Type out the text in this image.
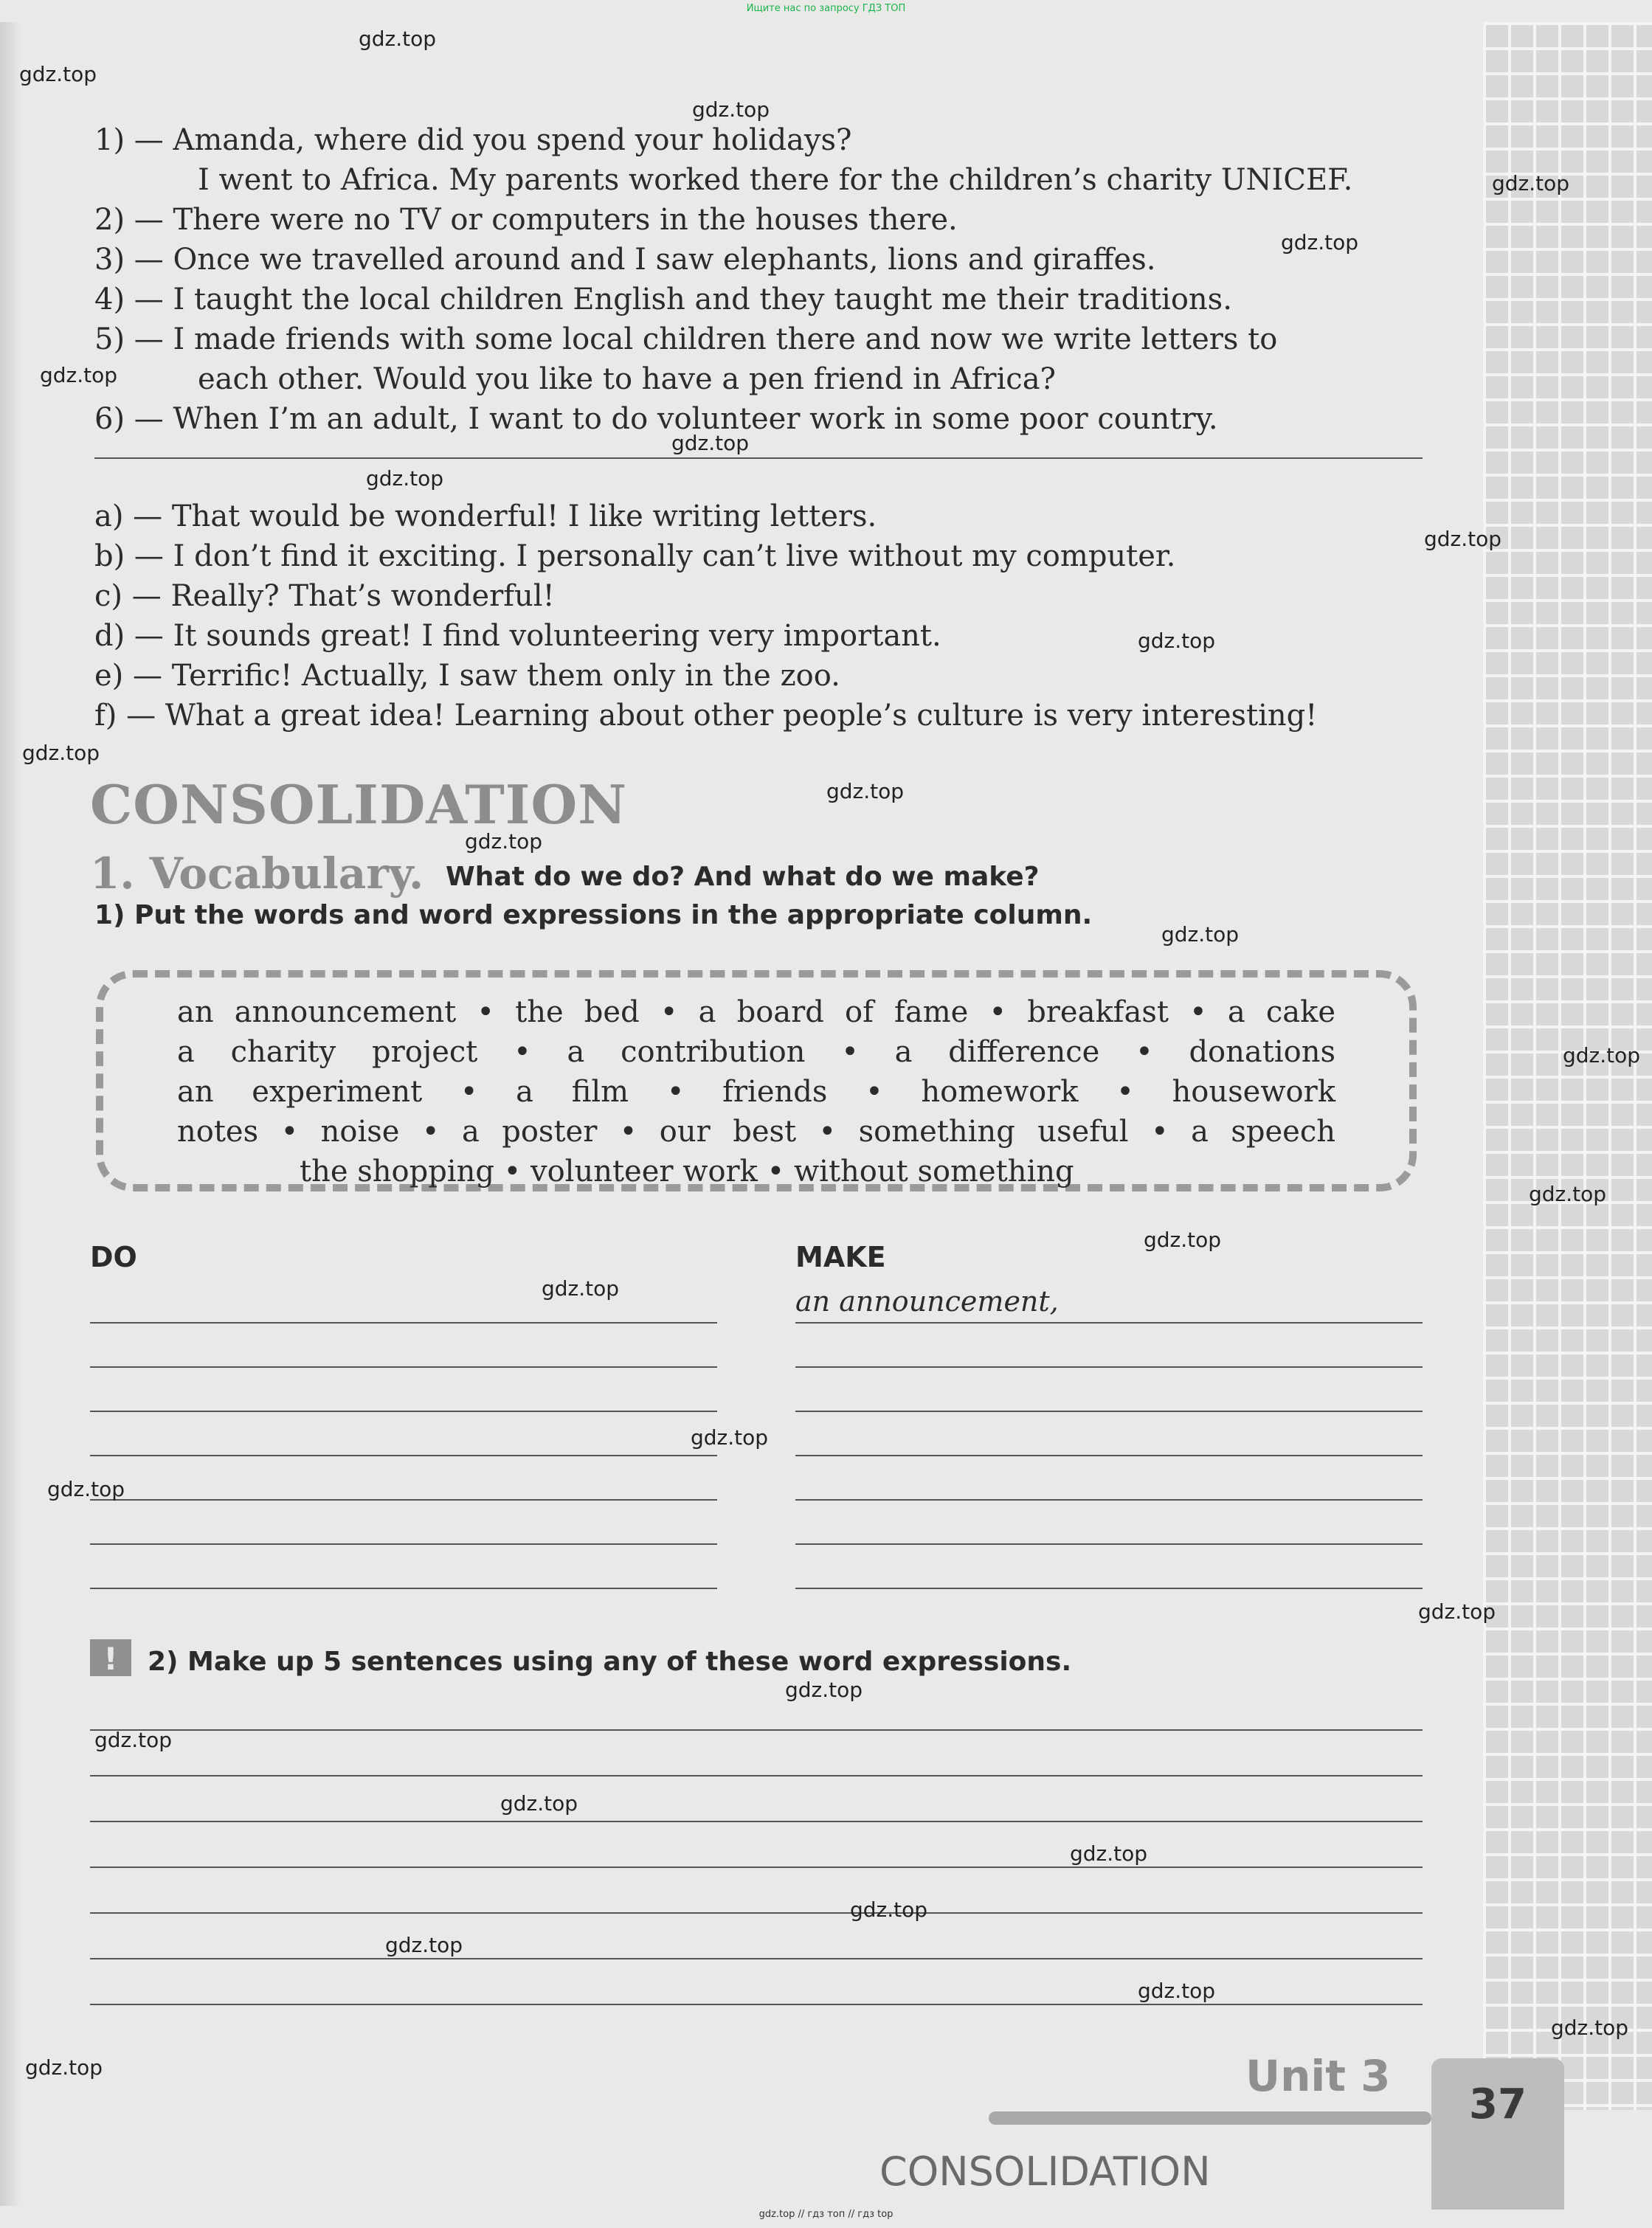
Ищите нас по запросу ГДЗ ТОП
1) — Amanda, where did you spend your holidays?
I went to Africa. My parents worked there for the children’s charity UNICEF.
2) — There were no TV or computers in the houses there.
3) — Once we travelled around and I saw elephants, lions and giraffes.
4) — I taught the local children English and they taught me their traditions.
5) — I made friends with some local children there and now we write letters to
each other. Would you like to have a pen friend in Africa?
6) — When I’m an adult, I want to do volunteer work in some poor country.
a) — That would be wonderful! I like writing letters.
b) — I don’t find it exciting. I personally can’t live without my computer.
c) — Really? That’s wonderful!
d) — It sounds great! I find volunteering very important.
e) — Terrific! Actually, I saw them only in the zoo.
f) — What a great idea! Learning about other people’s culture is very interesting!
CONSOLIDATION
1. Vocabulary. What do we do? And what do we make?
1) Put the words and word expressions in the appropriate column.
an announcement • the bed • a board of fame • breakfast • a cake
a charity project • a contribution • a difference • donations
an experiment • a film • friends • homework • housework
notes • noise • a poster • our best • something useful • a speech
the shopping • volunteer work • without something
DO	MAKE
an announcement,
!
2) Make up 5 sentences using any of these word expressions.
Unit 3
37
CONSOLIDATION
gdz.top
gdz.top
gdz.top
gdz.top
gdz.top
gdz.top
gdz.top
gdz.top
gdz.top
gdz.top
gdz.top
gdz.top
gdz.top
gdz.top
gdz.top
gdz.top
gdz.top
gdz.top
gdz.top
gdz.top
gdz.top
gdz.top
gdz.top
gdz.top
gdz.top
gdz.top
gdz.top
gdz.top
gdz.top
gdz.top
gdz.top // гдз топ // гдз top
